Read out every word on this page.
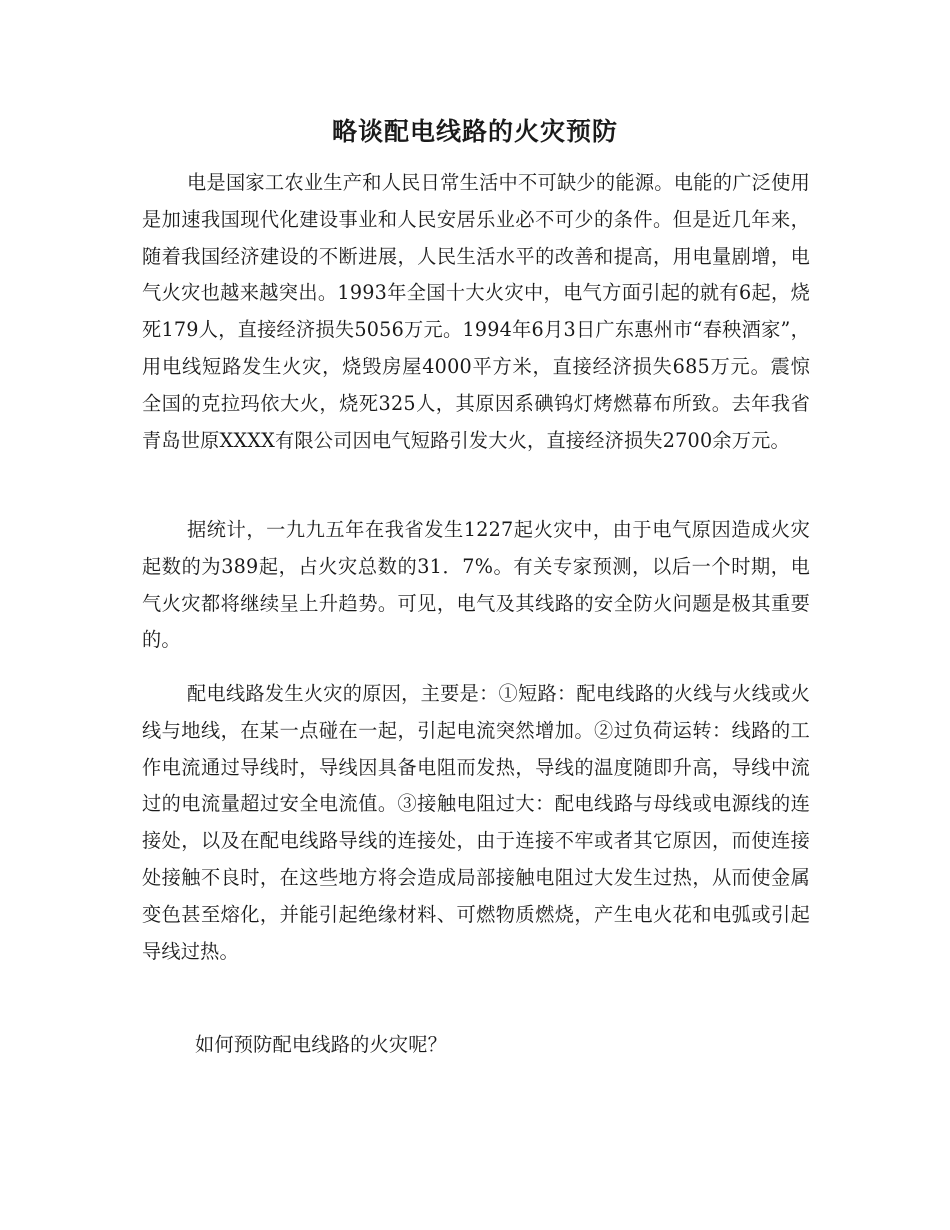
略谈配电线路的火灾预防

电是国家工农业生产和人民日常生活中不可缺少的能源。电能的广泛使用是加速我国现代化建设事业和人民安居乐业必不可少的条件。但是近几年来，随着我国经济建设的不断进展，人民生活水平的改善和提高，用电量剧增，电气火灾也越来越突出。1993年全国十大火灾中，电气方面引起的就有6起，烧死179人，直接经济损失5056万元。1994年6月3日广东惠州市“春秧酒家”，用电线短路发生火灾，烧毁房屋4000平方米，直接经济损失685万元。震惊全国的克拉玛依大火，烧死325人，其原因系碘钨灯烤燃幕布所致。去年我省青岛世原XXXX有限公司因电气短路引发大火，直接经济损失2700余万元。

据统计，一九九五年在我省发生1227起火灾中，由于电气原因造成火灾起数的为389起，占火灾总数的31．7%。有关专家预测，以后一个时期，电气火灾都将继续呈上升趋势。可见，电气及其线路的安全防火问题是极其重要的。

配电线路发生火灾的原因，主要是：①短路：配电线路的火线与火线或火线与地线，在某一点碰在一起，引起电流突然增加。②过负荷运转：线路的工作电流通过导线时，导线因具备电阻而发热，导线的温度随即升高，导线中流过的电流量超过安全电流值。③接触电阻过大：配电线路与母线或电源线的连接处，以及在配电线路导线的连接处，由于连接不牢或者其它原因，而使连接处接触不良时，在这些地方将会造成局部接触电阻过大发生过热，从而使金属变色甚至熔化，并能引起绝缘材料、可燃物质燃烧，产生电火花和电弧或引起导线过热。

如何预防配电线路的火灾呢？
